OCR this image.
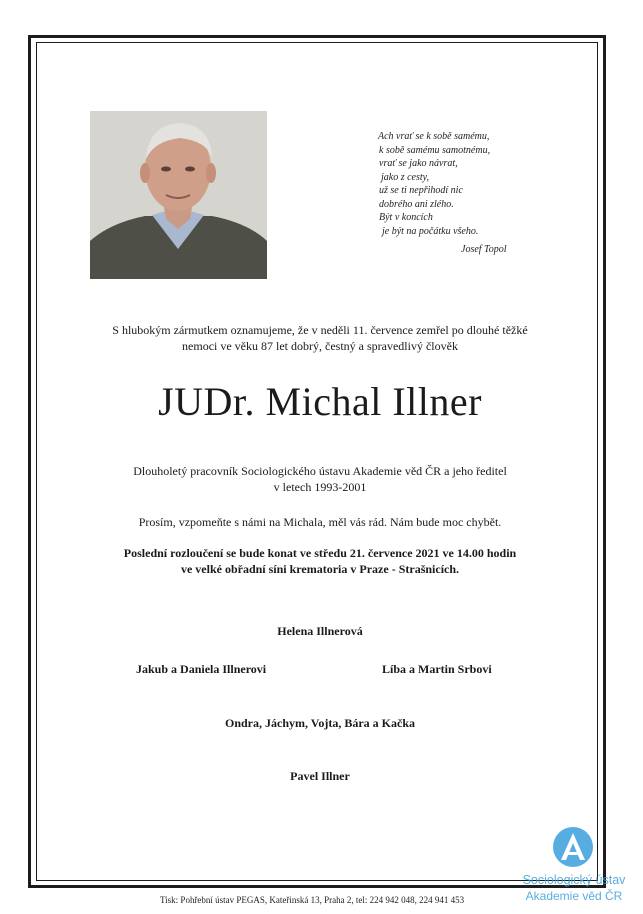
Ach vrať se k sobě samému,
k sobě samému samotnému,
vrať se jako návrat,
jako z cesty,
už se ti nepřihodí nic
dobrého ani zlého.
Být v koncích
je být na počátku všeho.
Josef Topol
S hlubokým zármutkem oznamujeme, že v neděli 11. července zemřel po dlouhé těžké
nemoci ve věku 87 let dobrý, čestný a spravedlivý člověk
JUDr. Michal Illner
Dlouholetý pracovník Sociologického ústavu Akademie věd ČR a jeho ředitel
v letech 1993-2001
Prosím, vzpomeňte s námi na Michala, měl vás rád. Nám bude moc chybět.
Poslední rozloučení se bude konat ve středu 21. července 2021 ve 14.00 hodin
ve velké obřadní síni krematoria v Praze - Strašnicích.
Helena Illnerová
Jakub a Daniela Illnerovi	Líba a Martin Srbovi
Ondra, Jáchym, Vojta, Bára a Kačka
Pavel Illner
Tisk: Pohřební ústav PEGAS, Kateřinská 13, Praha 2, tel: 224 942 048, 224 941 453
Sociologický ústav
Akademie věd ČR
